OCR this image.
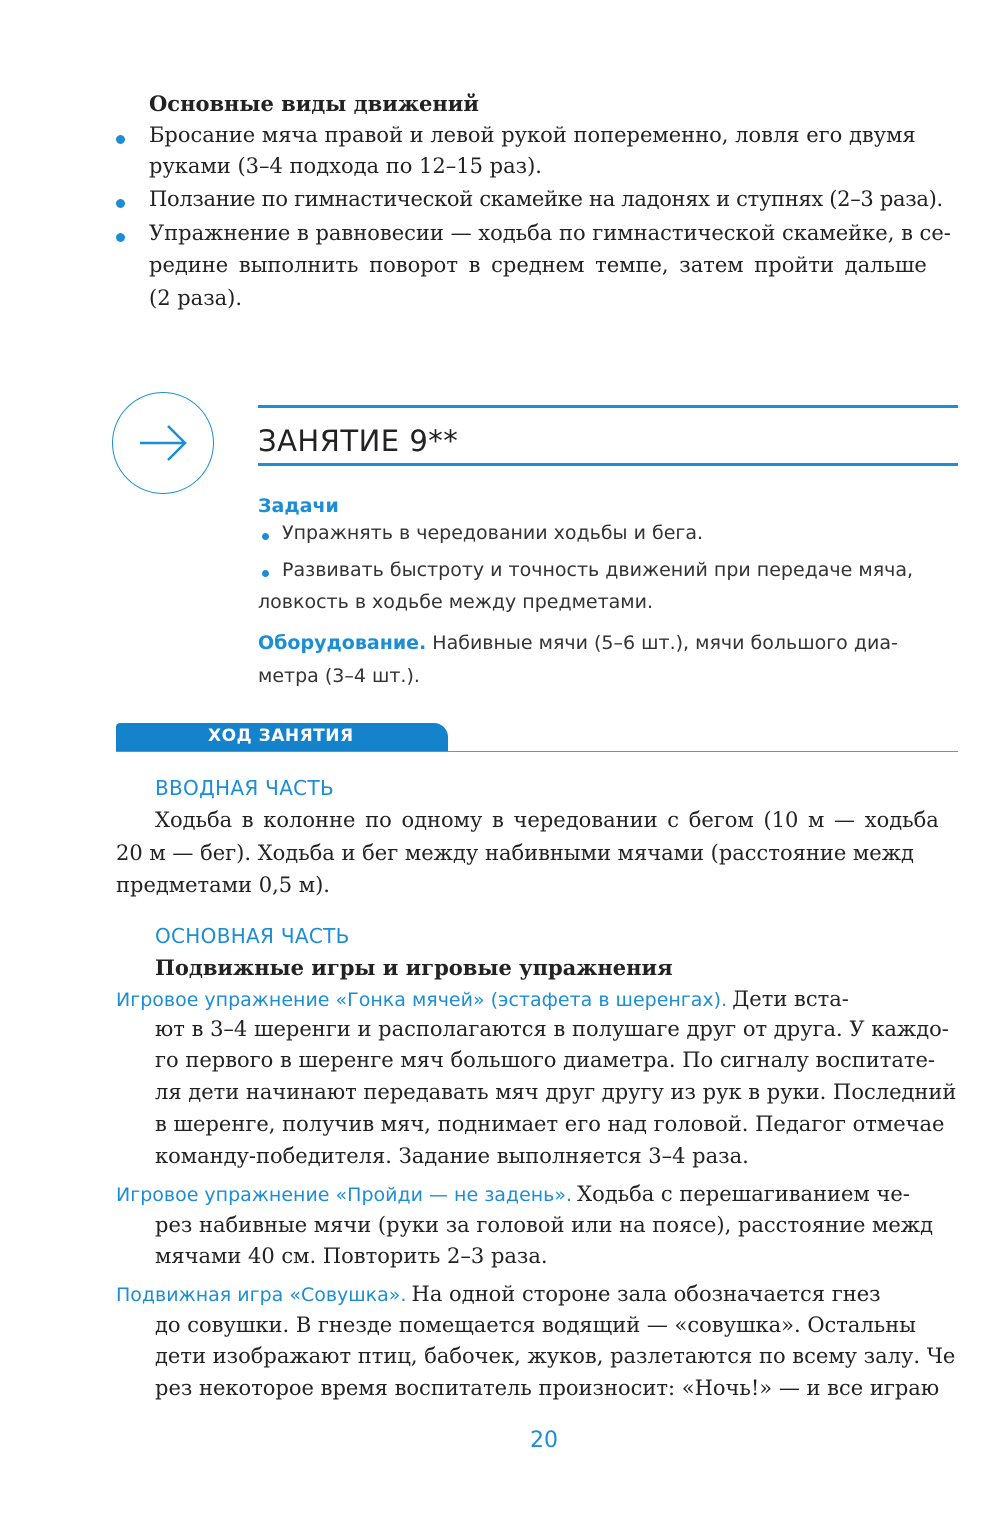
Основные виды движений
Бросание мяча правой и левой рукой попеременно, ловля его двумя
руками (3–4 подхода по 12–15 раз).
Ползание по гимнастической скамейке на ладонях и ступнях (2–3 раза).
Упражнение в равновесии — ходьба по гимнастической скамейке, в се-
редине выполнить поворот в среднем темпе, затем пройти дальше
(2 раза).
ЗАНЯТИЕ 9**
Задачи
Упражнять в чередовании ходьбы и бега.
Развивать быстроту и точность движений при передаче мяча,
ловкость в ходьбе между предметами.
Оборудование. Набивные мячи (5–6 шт.), мячи большого диа-
метра (3–4 шт.).
ХОД ЗАНЯТИЯ
ВВОДНАЯ ЧАСТЬ
Ходьба в колонне по одному в чередовании с бегом (10 м — ходьба
20 м — бег). Ходьба и бег между набивными мячами (расстояние межд
предметами 0,5 м).
ОСНОВНАЯ ЧАСТЬ
Подвижные игры и игровые упражнения
Игровое упражнение «Гонка мячей» (эстафета в шеренгах). Дети вста-
ют в 3–4 шеренги и располагаются в полушаге друг от друга. У каждо-
го первого в шеренге мяч большого диаметра. По сигналу воспитате-
ля дети начинают передавать мяч друг другу из рук в руки. Последний
в шеренге, получив мяч, поднимает его над головой. Педагог отмечае
команду-победителя. Задание выполняется 3–4 раза.
Игровое упражнение «Пройди — не задень». Ходьба с перешагиванием че-
рез набивные мячи (руки за головой или на поясе), расстояние межд
мячами 40 см. Повторить 2–3 раза.
Подвижная игра «Совушка». На одной стороне зала обозначается гнез
до совушки. В гнезде помещается водящий — «совушка». Остальны
дети изображают птиц, бабочек, жуков, разлетаются по всему залу. Че
рез некоторое время воспитатель произносит: «Ночь!» — и все играю
20
